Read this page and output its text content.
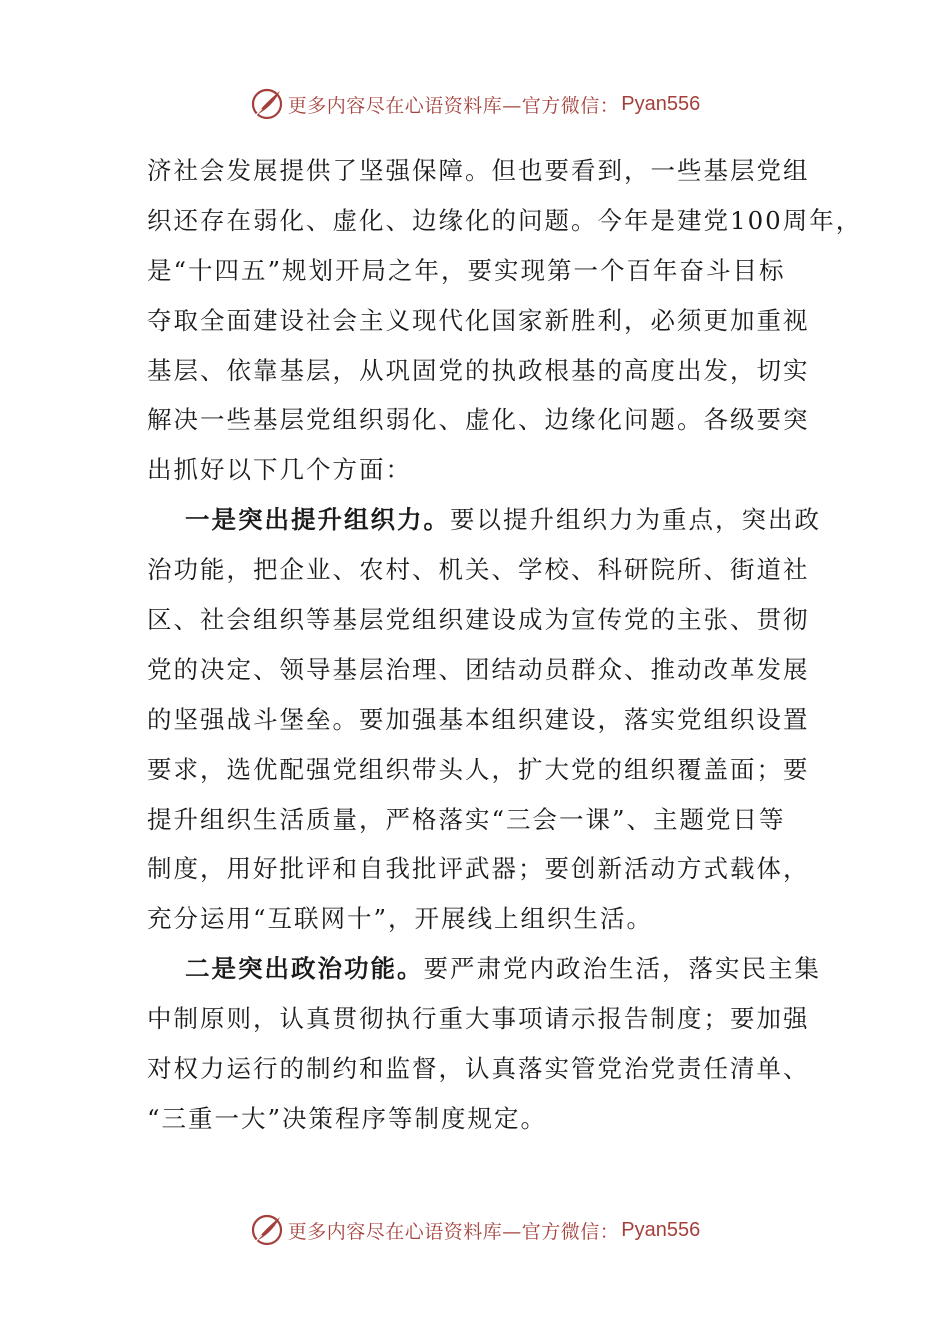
更多内容尽在心语资料库—官方微信： Pyan556
济社会发展提供了坚强保障。但也要看到，一些基层党组
织还存在弱化、虚化、边缘化的问题。今年是建党100周年，
是“十四五”规划开局之年，要实现第一个百年奋斗目标
夺取全面建设社会主义现代化国家新胜利，必须更加重视
基层、依靠基层，从巩固党的执政根基的高度出发，切实
解决一些基层党组织弱化、虚化、边缘化问题。各级要突
出抓好以下几个方面：
一是突出提升组织力。要以提升组织力为重点，突出政
治功能，把企业、农村、机关、学校、科研院所、街道社
区、社会组织等基层党组织建设成为宣传党的主张、贯彻
党的决定、领导基层治理、团结动员群众、推动改革发展
的坚强战斗堡垒。要加强基本组织建设，落实党组织设置
要求，选优配强党组织带头人，扩大党的组织覆盖面；要
提升组织生活质量，严格落实“三会一课”、主题党日等
制度，用好批评和自我批评武器；要创新活动方式载体，
充分运用“互联网十”，开展线上组织生活。
二是突出政治功能。要严肃党内政治生活，落实民主集
中制原则，认真贯彻执行重大事项请示报告制度；要加强
对权力运行的制约和监督，认真落实管党治党责任清单、
“三重一大”决策程序等制度规定。
更多内容尽在心语资料库—官方微信： Pyan556
